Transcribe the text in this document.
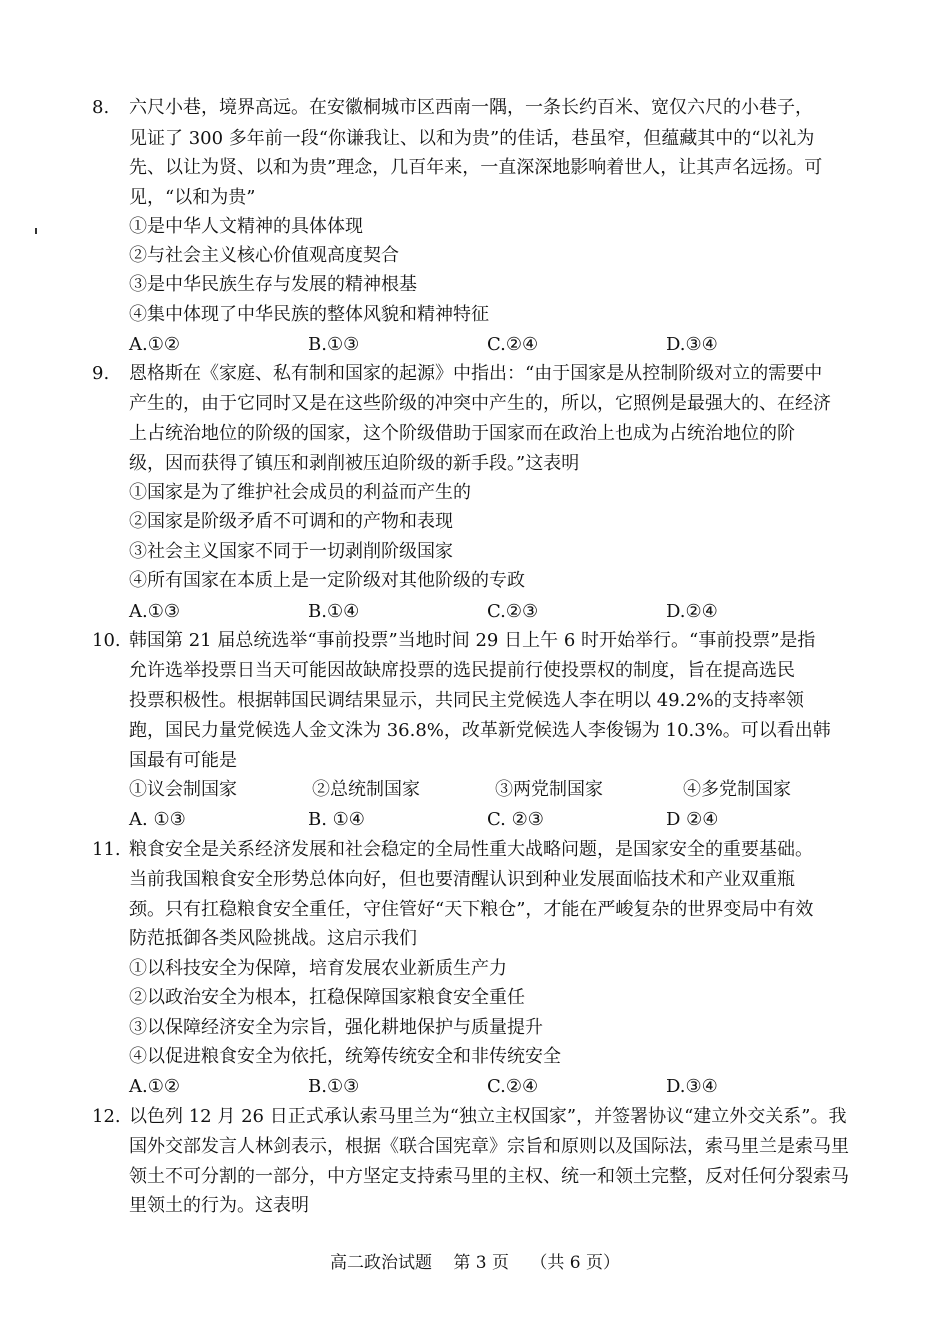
8. 六尺小巷，境界高远。在安徽桐城市区西南一隅，一条长约百米、宽仅六尺的小巷子，
见证了 300 多年前一段“你谦我让、以和为贵”的佳话，巷虽窄，但蕴藏其中的“以礼为
先、以让为贤、以和为贵”理念，几百年来，一直深深地影响着世人，让其声名远扬。可
见，“以和为贵”
①是中华人文精神的具体体现
②与社会主义核心价值观高度契合
③是中华民族生存与发展的精神根基
④集中体现了中华民族的整体风貌和精神特征
A.①②	B.①③	C.②④	D.③④
9. 恩格斯在《家庭、私有制和国家的起源》中指出：“由于国家是从控制阶级对立的需要中
产生的，由于它同时又是在这些阶级的冲突中产生的，所以，它照例是最强大的、在经济
上占统治地位的阶级的国家，这个阶级借助于国家而在政治上也成为占统治地位的阶
级，因而获得了镇压和剥削被压迫阶级的新手段。”这表明
①国家是为了维护社会成员的利益而产生的
②国家是阶级矛盾不可调和的产物和表现
③社会主义国家不同于一切剥削阶级国家
④所有国家在本质上是一定阶级对其他阶级的专政
A.①③	B.①④	C.②③	D.②④
10. 韩国第 21 届总统选举“事前投票”当地时间 29 日上午 6 时开始举行。“事前投票”是指
允许选举投票日当天可能因故缺席投票的选民提前行使投票权的制度，旨在提高选民
投票积极性。根据韩国民调结果显示，共同民主党候选人李在明以 49.2%的支持率领
跑，国民力量党候选人金文洙为 36.8%，改革新党候选人李俊锡为 10.3%。可以看出韩
国最有可能是
①议会制国家	②总统制国家	③两党制国家	④多党制国家
A. ①③	B. ①④	C. ②③	D ②④
11. 粮食安全是关系经济发展和社会稳定的全局性重大战略问题，是国家安全的重要基础。
当前我国粮食安全形势总体向好，但也要清醒认识到种业发展面临技术和产业双重瓶
颈。只有扛稳粮食安全重任，守住管好“天下粮仓”，才能在严峻复杂的世界变局中有效
防范抵御各类风险挑战。这启示我们
①以科技安全为保障，培育发展农业新质生产力
②以政治安全为根本，扛稳保障国家粮食安全重任
③以保障经济安全为宗旨，强化耕地保护与质量提升
④以促进粮食安全为依托，统筹传统安全和非传统安全
A.①②	B.①③	C.②④	D.③④
12. 以色列 12 月 26 日正式承认索马里兰为“独立主权国家”，并签署协议“建立外交关系”。我
国外交部发言人林剑表示，根据《联合国宪章》宗旨和原则以及国际法，索马里兰是索马里
领土不可分割的一部分，中方坚定支持索马里的主权、统一和领土完整，反对任何分裂索马
里领土的行为。这表明
高二政治试题 第 3 页 （共 6 页）
